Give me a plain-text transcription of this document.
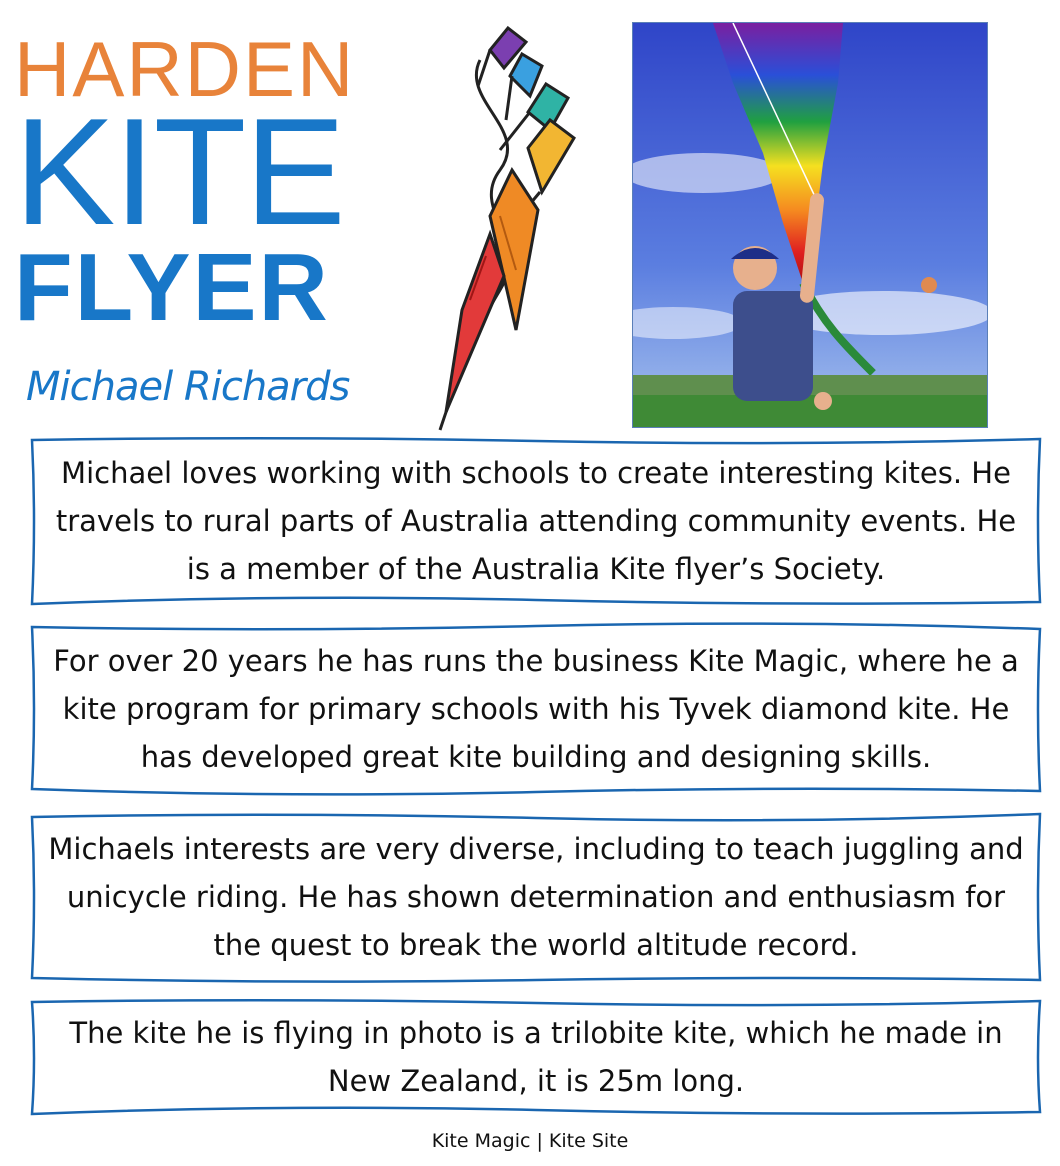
HARDEN
KITE
FLYER
Michael Richards

Michael loves working with schools to create interesting kites. He travels to rural parts of Australia attending community events. He is a member of the Australia Kite flyer’s Society.

For over 20 years he has runs the business Kite Magic, where he a kite program for primary schools with his Tyvek diamond kite. He has developed great kite building and designing skills.

Michaels interests are very diverse, including to teach juggling and unicycle riding. He has shown determination and enthusiasm for the quest to break the world altitude record.

The kite he is flying in photo is a trilobite kite, which he made in New Zealand, it is 25m long.

Kite Magic | Kite Site
